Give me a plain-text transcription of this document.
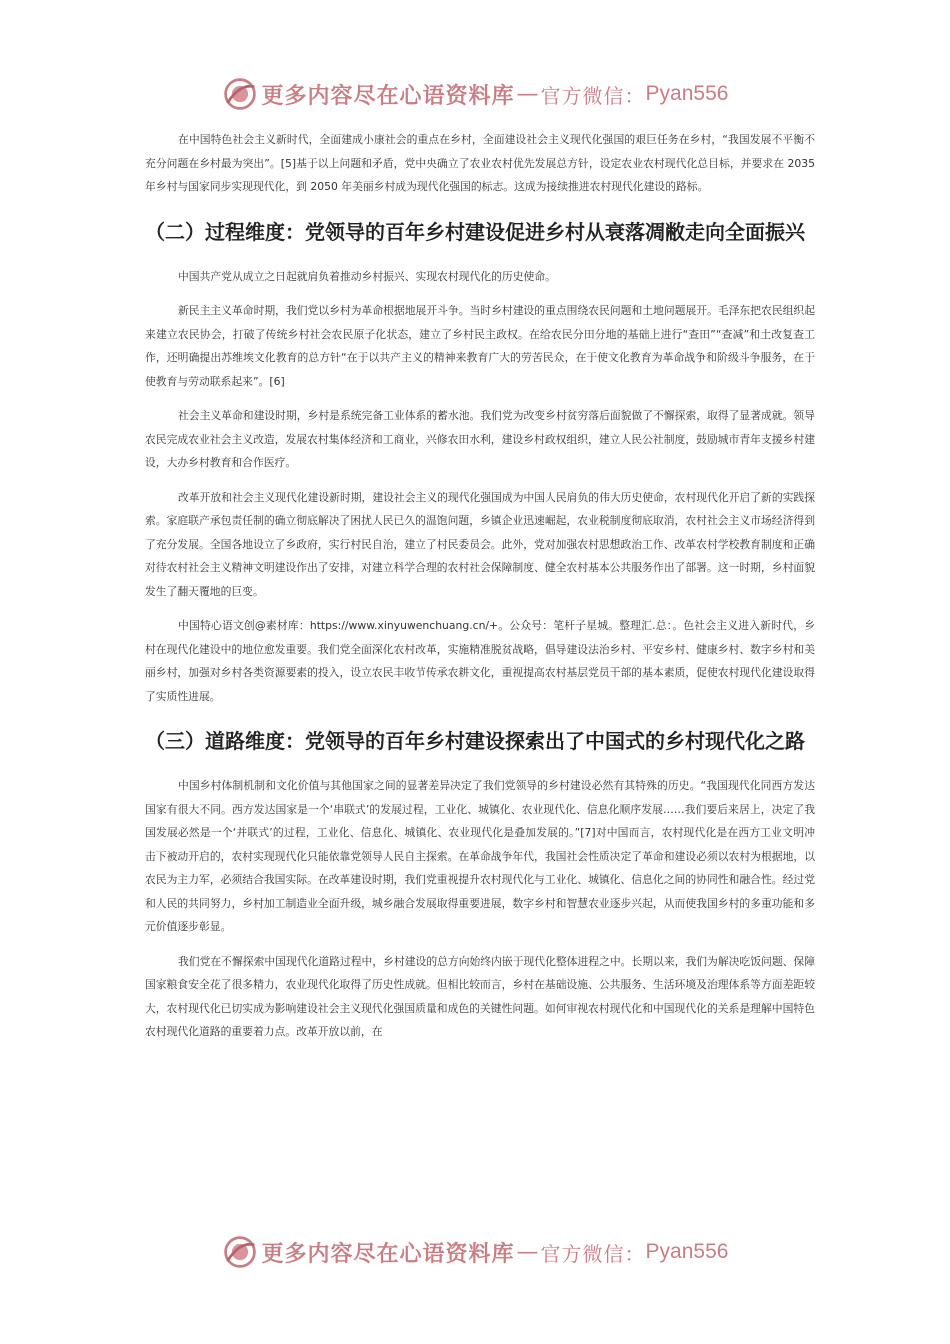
更多内容尽在心语资料库 — 官方微信： Pyan556

在中国特色社会主义新时代，全面建成小康社会的重点在乡村，全面建设社会主义现代化强国的艰巨任务在乡村，“我国发展不平衡不充分问题在乡村最为突出”。[5]基于以上问题和矛盾，党中央确立了农业农村优先发展总方针，设定农业农村现代化总目标，并要求在 2035 年乡村与国家同步实现现代化，到 2050 年美丽乡村成为现代化强国的标志。这成为接续推进农村现代化建设的路标。

（二）过程维度：党领导的百年乡村建设促进乡村从衰落凋敝走向全面振兴

中国共产党从成立之日起就肩负着推动乡村振兴、实现农村现代化的历史使命。

新民主主义革命时期，我们党以乡村为革命根据地展开斗争。当时乡村建设的重点围绕农民问题和土地问题展开。毛泽东把农民组织起来建立农民协会，打破了传统乡村社会农民原子化状态，建立了乡村民主政权。在给农民分田分地的基础上进行“查田”“查减”和土改复查工作，还明确提出苏维埃文化教育的总方针“在于以共产主义的精神来教育广大的劳苦民众，在于使文化教育为革命战争和阶级斗争服务，在于使教育与劳动联系起来”。[6]

社会主义革命和建设时期，乡村是系统完备工业体系的蓄水池。我们党为改变乡村贫穷落后面貌做了不懈探索，取得了显著成就。领导农民完成农业社会主义改造，发展农村集体经济和工商业，兴修农田水利，建设乡村政权组织，建立人民公社制度，鼓励城市青年支援乡村建设，大办乡村教育和合作医疗。

改革开放和社会主义现代化建设新时期，建设社会主义的现代化强国成为中国人民肩负的伟大历史使命，农村现代化开启了新的实践探索。家庭联产承包责任制的确立彻底解决了困扰人民已久的温饱问题，乡镇企业迅速崛起，农业税制度彻底取消，农村社会主义市场经济得到了充分发展。全国各地设立了乡政府，实行村民自治，建立了村民委员会。此外，党对加强农村思想政治工作、改革农村学校教育制度和正确对待农村社会主义精神文明建设作出了安排，对建立科学合理的农村社会保障制度、健全农村基本公共服务作出了部署。这一时期，乡村面貌发生了翻天覆地的巨变。

中国特心语文创@素材库：https://www.xinyuwenchuang.cn/+。公众号：笔杆子星城。整理汇.总：。色社会主义进入新时代，乡村在现代化建设中的地位愈发重要。我们党全面深化农村改革，实施精准脱贫战略，倡导建设法治乡村、平安乡村、健康乡村、数字乡村和美丽乡村，加强对乡村各类资源要素的投入，设立农民丰收节传承农耕文化，重视提高农村基层党员干部的基本素质，促使农村现代化建设取得了实质性进展。

（三）道路维度：党领导的百年乡村建设探索出了中国式的乡村现代化之路

中国乡村体制机制和文化价值与其他国家之间的显著差异决定了我们党领导的乡村建设必然有其特殊的历史。“我国现代化同西方发达国家有很大不同。西方发达国家是一个‘串联式’的发展过程，工业化、城镇化、农业现代化、信息化顺序发展……我们要后来居上，决定了我国发展必然是一个‘并联式’的过程，工业化、信息化、城镇化、农业现代化是叠加发展的。”[7]对中国而言，农村现代化是在西方工业文明冲击下被动开启的，农村实现现代化只能依靠党领导人民自主探索。在革命战争年代，我国社会性质决定了革命和建设必须以农村为根据地，以农民为主力军，必须结合我国实际。在改革建设时期，我们党重视提升农村现代化与工业化、城镇化、信息化之间的协同性和融合性。经过党和人民的共同努力，乡村加工制造业全面升级，城乡融合发展取得重要进展，数字乡村和智慧农业逐步兴起，从而使我国乡村的多重功能和多元价值逐步彰显。

我们党在不懈探索中国现代化道路过程中，乡村建设的总方向始终内嵌于现代化整体进程之中。长期以来，我们为解决吃饭问题、保障国家粮食安全花了很多精力，农业现代化取得了历史性成就。但相比较而言，乡村在基础设施、公共服务、生活环境及治理体系等方面差距较大，农村现代化已切实成为影响建设社会主义现代化强国质量和成色的关键性问题。如何审视农村现代化和中国现代化的关系是理解中国特色农村现代化道路的重要着力点。改革开放以前，在

更多内容尽在心语资料库 — 官方微信： Pyan556
